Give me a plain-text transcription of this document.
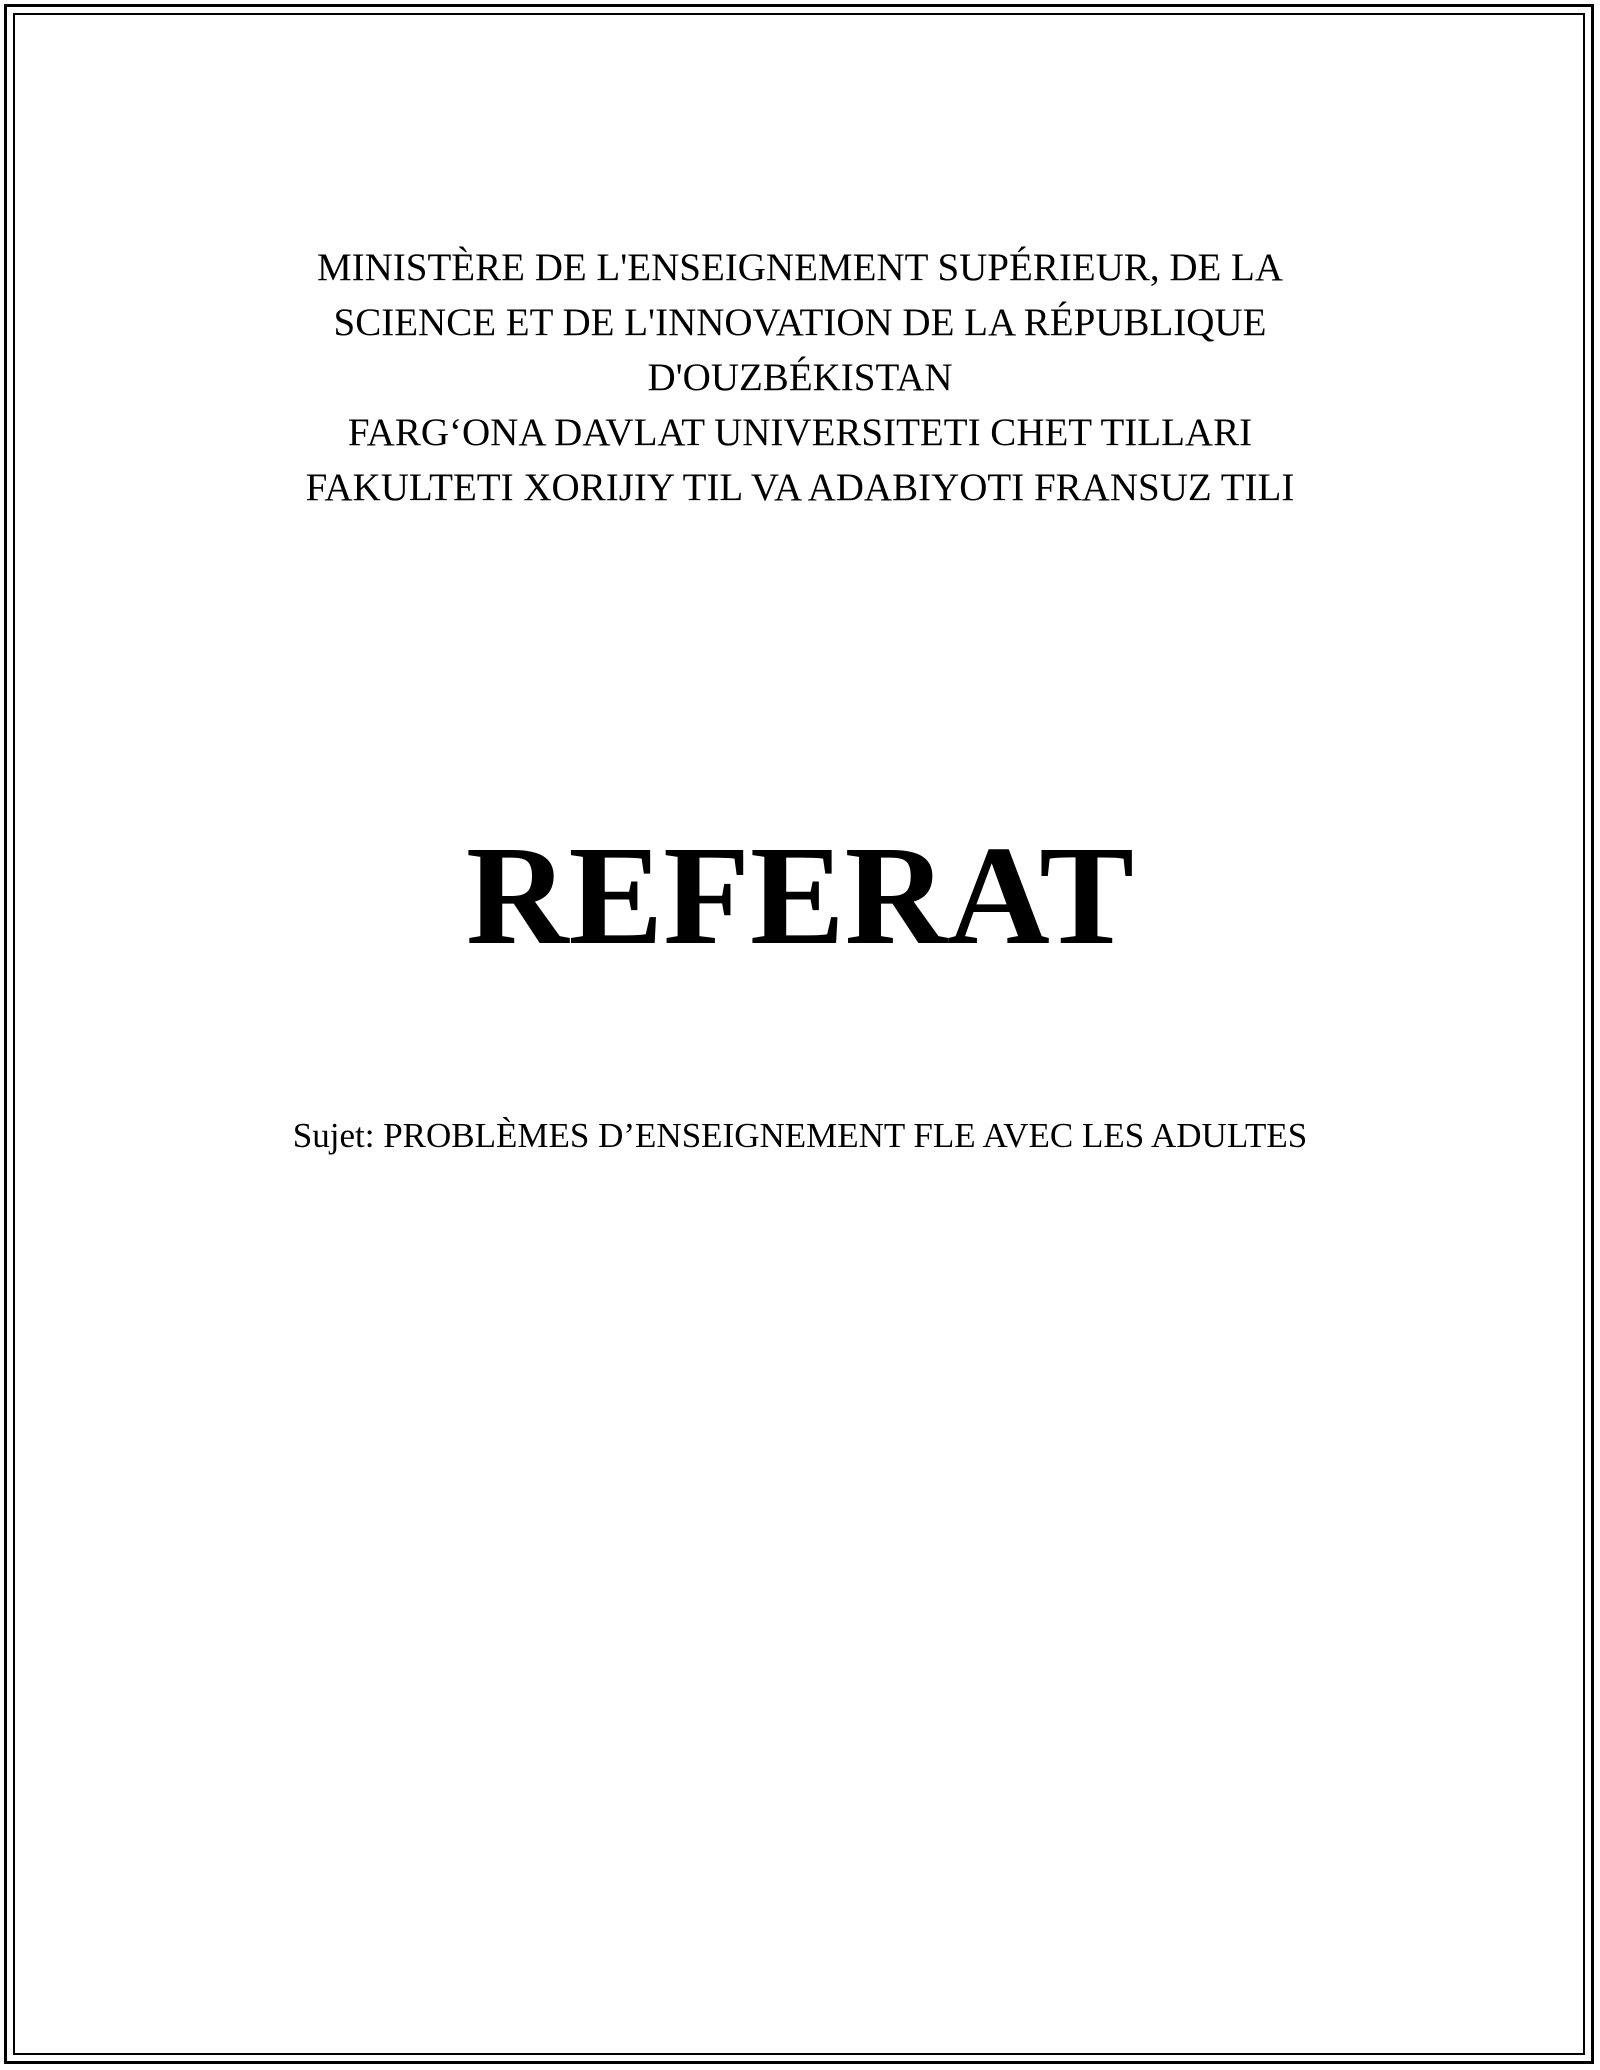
MINISTÈRE DE L'ENSEIGNEMENT SUPÉRIEUR, DE LA
SCIENCE ET DE L'INNOVATION DE LA RÉPUBLIQUE
D'OUZBÉKISTAN
FARG‘ONA DAVLAT UNIVERSITETI CHET TILLARI
FAKULTETI XORIJIY TIL VA ADABIYOTI FRANSUZ TILI
REFERAT
Sujet: PROBLÈMES D’ENSEIGNEMENT FLE AVEC LES ADULTES
